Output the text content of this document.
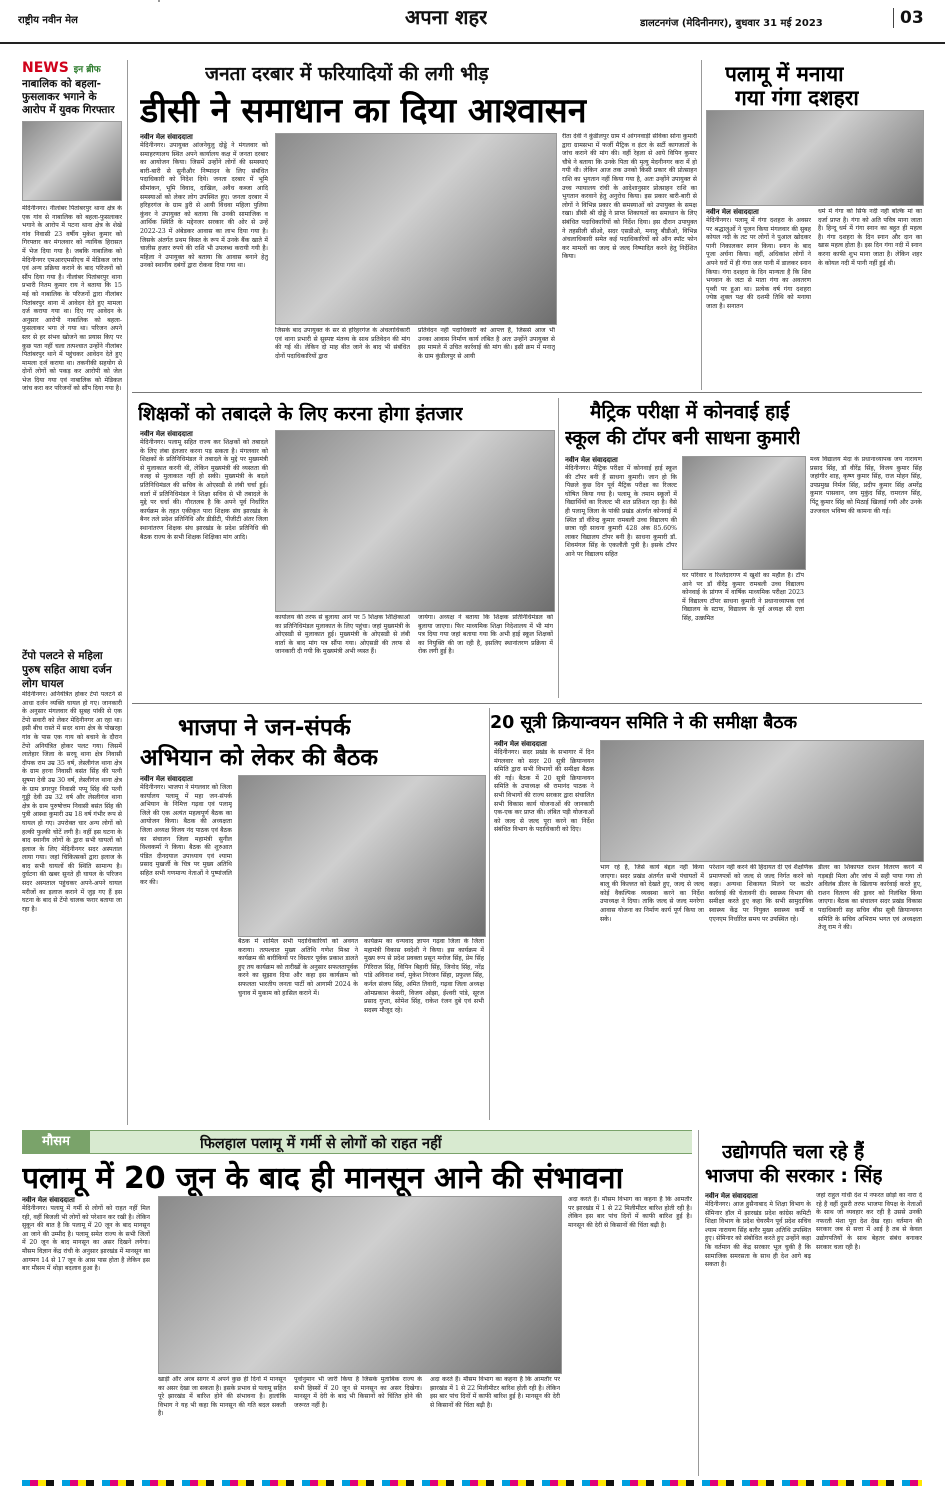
राष्ट्रीय नवीन मेल	अपना शहर	डालटनगंज (मेदिनीनगर), बुधवार 31 मई 2023	03
NEWS इन ब्रीफ
नाबालिक को बहला-फुसलाकर भगाने के आरोप में युवक गिरफ्तार
मेदिनीनगर। नीलांबर पितांबरपुर थाना क्षेत्र के एक गांव से नाबालिक को बहला-फुसलाकर भगाने के आरोप में पटना थाना क्षेत्र के शेखे गांव निवासी 23 वर्षीय मुकेश कुमार को गिरफ्तार कर मंगलवार को न्यायिक हिरासत में भेज दिया गया है। जबकि नाबालिक को मेदिनीनगर एमआरएमसीएच में मेडिकल जांच एवं अन्य प्रक्रिया कराने के बाद परिजनों को सौंप दिया गया है। नीलांबर पितांबरपुर थाना प्रभारी नितम कुमार राय ने बताया कि 15 मई को नाबालिक के परिजनों द्वारा नीलांबर पितांबरपुर थाना में आवेदन देते हुए मामला दर्ज कराया गया था। दिए गए आवेदन के अनुसार आरोपी नाबालिक को बहला-फुसलाकर भगा ले गया था। परिजन अपने स्तर से हर संभव खोजने का प्रयास किए पर कुछ पता नहीं चला तत्पश्चात उन्होंने नीलांबर पितांबरपुर थाने में पहुंचकर आवेदन देते हुए मामला दर्ज कराया था। तकनीकी सहयोग से दोनों लोगों को पकड़ कर आरोपी को जेल भेज दिया गया एवं नाबालिक को मेडिकल जांच करा कर परिजनों को सौंप दिया गया है।
टेंपो पलटने से महिला पुरुष सहित आधा दर्जन लोग घायल
मेदिनीनगर। अनियंत्रित होकर टेंपो पलटने से आधा दर्जन व्यक्ति घायल हो गए। जानकारी के अनुसार मंगलवार की सुबह पांकी से एक टेंपो सवारी को लेकर मेदिनीनगर आ रहा था। इसी बीच रास्ते में सदर थाना क्षेत्र के पोखरहा गांव के पास एक गाय को बचाने के दौरान टेंपो अनियंत्रित होकर पलट गया। जिसमें लातेहार जिला के सरयू थाना क्षेत्र निवासी दीपक राम उम्र 35 वर्ष, लेस्लीगंज थाना क्षेत्र के ग्राम हरना निवासी बसंत सिंह की पत्नी सुषमा देवी उम्र 30 वर्ष, लेस्लीगंज थाना क्षेत्र के ग्राम डगरपुर निवासी पप्पू सिंह की पत्नी गुड्डी देवी उम्र 32 वर्ष और लेस्लीगंज थाना क्षेत्र के ग्राम पुरुषोत्तम निवासी बसंत सिंह की पुत्री आस्था कुमारी उम्र 18 वर्ष गंभीर रूप से घायल हो गए। उपरोक्त चार अन्य लोगों को हल्की फुल्की चोटें लगी है। वहीं इस घटना के बाद स्थानीय लोगों के द्वारा सभी घायलों को इलाज के लिए मेदिनीनगर सदर अस्पताल लाया गया। जहां चिकित्सकों द्वारा इलाज के बाद सभी घायलों की स्थिति सामान्य है। दुर्घटना की खबर सुनते ही घायल के परिजन सदर अस्पताल पहुंचकर अपने-अपने घायल मरीजों का इलाज कराने में जुड़ गए हैं इस घटना के बाद से टेंपो चालक फरार बताया जा रहा है।
जनता दरबार में फरियादियों की लगी भीड़
डीसी ने समाधान का दिया आश्वासन
नवीन मेल संवाददाता
मेदिनीनगर। उपायुक्त आंजनेयुलु दोड्डे ने मंगलवार को समाहरणालय स्थित अपने कार्यालय कक्ष में जनता दरबार का आयोजन किया। जिसमें उन्होंने लोगों की समस्याएं बारी-बारी से सुनीऔर निष्पादन के लिए संबंधित पदाधिकारी को निदेश दिये। जनता दरबार में भूमि सीमांकन, भूमि विवाद, दाखिल, अवैध कब्जा आदि समस्याओं को लेकर लोग उपस्थित हुए। जनता दरबार में हरिहरगंज के ग्राम डुरी से आयी विधवा महिला पुलिया कुंवर ने उपायुक्त को बताया कि उनकी सामाजिक व आर्थिक स्थिति के मद्देनजर सरकार की ओर से उन्हें 2022-23 में अंबेडकर आवास का लाभ दिया गया है। जिसके अंतर्गत प्रथम किस्त के रूप में उनके बैंक खाते में चालीस हजार रुपये की राशि भी उपलब्ध करायी गयी है। महिला ने उपायुक्त को बताया कि आवास बनाने हेतु उनको स्थानीय दबंगों द्वारा रोकवा दिया गया था।
जिसके बाद उपायुक्त के सर से हरिहरगंज के अंचलाधिकारी एवं थाना प्रभारी से सुस्पष्ट मंतव्य के साथ प्रतिवेदन की मांग की गई थी। लेकिन दो माह बीत जाने के बाद भी संबंधित दोनों पदाधिकारियों द्वारा
प्रतिवेदन नहीं पदाधिकारी को आपत्त हैं, जिससे आज भी उनका आवास निर्माण कार्य लंबित है अतः उन्होंने उपायुक्त से इस मामले में उचित कार्रवाई की मांग की। इसी क्रम में मनातू के ग्राम कुंडीलपुर से आयी
रीता देवी ने कुंडीलपुर ग्राम में आंगनवाड़ी सेविका सोना कुमारी द्वारा ग्रामसभा में फर्जी मैट्रिक व इंटर के सर्टी कागजातों के जांच कराने की मांग की। वहीं रेहला से आये विपिन कुमार चौबे ने बताया कि उनके पिता की मृत्यु मेदनीनगर करा में हो गयी थी। लेकिन आज तक उनको किसी प्रकार की प्रोत्साहन राशि का भुगतान नहीं किया गया है, अतः उन्होंने उपायुक्त से उच्च न्यायालय रांची के आदेशानुसार प्रोत्साहन राशि का भुगतान करवाने हेतु अनुरोध किया। इस प्रकार बारी-बारी से लोगों ने विभिन्न प्रकार की समस्याओं को उपायुक्त के समक्ष रखा। डीसी श्री दोड्डे ने प्राप्त शिकायतों का समाधान के लिए संबंधित पदाधिकारियों को निर्देश दिया। इस दौरान उपायुक्त ने तहसीली सीओ, सदर एसडीओ, मनातू बीडीओ, विभिन्न अंचलाधिकारी समेत कई पदाधिकारियों को ऑन स्पॉट फोन कर मामलों का जल्द से जल्द निष्पादित करने हेतु निर्देशित किया।
पलामू में मनाया
गया गंगा दशहरा
नवीन मेल संवाददाता
मेदिनीनगर। पलामू में गंगा दशहरा के अवसर पर श्रद्धालुओं ने पूजन किया मंगलवार की सुबह कोयल नदी के तट पर लोगों ने पुआल खोदकर पानी निकालकर स्नान किया। स्नान के बाद पूजा अर्चना किया। वहीं, अधिकांश लोगों ने अपने घरों में ही गंगा जल पानी में डालकर स्नान किया। गंगा दशहरा के दिन मान्यता है कि शिव भगवान के जटा से माता गंगा का अवतरण पृथ्वी पर हुआ था। प्रत्येक वर्ष गंगा दशहरा ज्येष्ठ शुक्ल पक्ष की दशमी तिथि को मनाया जाता है। सनातन
धर्म में गंगा को सिर्फ नदी नहीं बल्कि मां का दर्जा प्राप्त है। गंगा को अति पवित्र माना जाता है। हिन्दू धर्म में गंगा स्नान का बहुत ही महत्व है। गंगा दशहरा के दिन स्नान और दान का खास महत्व होता है। इस दिन गंगा नदी में स्नान करना काफी शुभ माना जाता है। लेकिन शहर के कोयल नदी में पानी नहीं हुई थी।
शिक्षकों को तबादले के लिए करना होगा इंतजार
नवीन मेल संवाददाता
मेदिनीनगर। पलामू सहित राज्य कर शिक्षकों को तबादले के लिए लंबा इंतजार करना पड़ सकता है। मंगलवार को शिक्षकों के प्रतिनिधिमंडल ने तबादले के मुद्दे पर मुख्यमंत्री से मुलाकात करनी थी, लेकिन मुख्यमंत्री की व्यस्तता की वजह से मुलाकात नहीं हो सकी। मुख्यमंत्री के बदले प्रतिनिधिमंडल की सचिव के ओएसडी से लंबी चर्चा हुई। वार्ता में प्रतिनिधिमंडल ने शिक्षा सचिव से भी तबादले के मुद्दे पर चर्चा की। गौरतलब है कि अपने पूर्व निर्धारित कार्यक्रम के तहत एकीकृत पारा शिक्षक संघ झारखंड के बैनर तले प्रदेश प्रतिनिधि और डीडीटी, पीजीटी अंतर जिला स्थानांतरण शिक्षक संघ झारखंड के प्रदेश प्रतिनिधि की बैठक राज्य के सभी शिक्षक शिक्षिका मांग आदि।
कार्यालय की तरफ से बुलाया आने पर 5 शिक्षक शिक्षिकाओं का प्रतिनिधिमंडल मुलाकात के लिए पहुंचा। जहां मुख्यमंत्री के ओएसडी से मुलाकात हुई। मुख्यमंत्री के ओएसडी से लंबी वार्ता के बाद मांग पत्र सौंपा गया। ओएसडी की तरफ से जानकारी दी गयी कि मुख्यमंत्री अभी व्यस्त हैं।
जायेगा। अध्यक्ष ने बताया कि शिक्षक प्रतिनिधिमंडल को बुलाया जाएगा। फिर माध्यमिक शिक्षा निदेशालय में भी मांग पत्र दिया गया जहां बताया गया कि अभी हाई स्कूल शिक्षकों का नियुक्ति की जा रही है, इसलिए स्थानांतरण प्रक्रिया में रोक लगी हुई है।
मैट्रिक परीक्षा में कोनवाई हाई
स्कूल की टॉपर बनी साधना कुमारी
नवीन मेल संवाददाता
मेदिनीनगर। मैट्रिक परीक्षा में कोनवाई हाई स्कूल की टॉपर बनी हैं साधना कुमारी। जान हो कि पिछले कुछ दिन पूर्व मैट्रिक परीक्षा का रिजल्ट घोषित किया गया है। पलामू के तमाम स्कूलों में विद्यार्थियों का रिजल्ट भी शत प्रतिशत रहा है। वैसे ही पलामू जिला के पांकी प्रखंड अंतर्गत कोनवाई में स्थित डॉ वीरेन्द्र कुमार रामबली उच्च विद्यालय की छात्रा रही साधना कुमारी 428 अंक 85.60% लाकर विद्यालय टॉपर बनी है। साधना कुमारी डॉ. शिवमंगल सिंह के एकलौती पुत्री है। इसके टॉपर आने पर विद्यालय सहित
घर परिवार व रिश्तेदारगण में खुशी का महौल है। टॉप आने पर डॉ वीरेंद्र कुमार रामबली उच्च विद्यालय कोनवाई के प्रांगण में वार्षिक माध्यमिक परीक्षा 2023 में विद्यालय टॉपर साधना कुमारी ने प्रधानाध्यापक एवं विद्यालय के स्टाफ, विद्यालय के पूर्व अध्यक्ष सी दत्ता सिंह, उत्क्रमित
मध्य विद्यालय मेदा के प्रधानाध्यापक जय नारायण प्रसाद सिंह, डॉ वीरेंद्र सिंह, विजय कुमार सिंह जहांगीर शाह, कृष्ण कुमार सिंह, राज मोहन सिंह, उपप्रमुख निर्मल सिंह, प्रदीप कुमार सिंह अमरेंद्र कुमार पासवान, जय मुकुंद सिंह, रामरतन सिंह, पिंटू कुमार सिंह को मिठाई खिलाई गयी और उनके उज्जवल भविष्य की कामना की गई।
भाजपा ने जन-संपर्क
अभियान को लेकर की बैठक
नवीन मेल संवाददाता
मेदिनीनगर। भाजपा ने मंगलवार को जिला कार्यालय पलामू में महा जन-संपर्क अभियान के निमित्त गढ़वा एवं पलामू जिले की एक अत्यंत महत्वपूर्ण बैठक का आयोजन किया। बैठक की अध्यक्षता जिला अध्यक्ष विजय नंद पाठक एवं बैठक का संचालन जिला महामंत्री सुनील विश्वकर्मा ने किया। बैठक की शुरुआत पंडित दीनदयाल उपाध्याय एवं श्यामा प्रसाद मुखर्जी के चित्र पर मुख्य अतिथि सहित सभी गणमान्य नेताओं ने पुष्पांजलि कर की।
बैठक में शामिल सभी पदाधिकारियों को अवगत कराया। तत्पश्चात मुख्य अतिथि गणेश मिश्रा ने कार्यक्रम की बारीकियों पर विस्तार पूर्वक प्रकाश डालते हुए तय कार्यक्रम को तारीखों के अनुसार सफलतापूर्वक करने का सुझाव दिया और कहा इस कार्यक्रम को सफलता भारतीय जनता पार्टी को आगामी 2024 के चुनाव में मुकाम को हासिल कराने में।
कार्यक्रम का धन्यवाद ज्ञापन गढ़वा जिला के जिला महामंत्री विकास स्वदेशी ने किया। इस कार्यक्रम में मुख्य रूप से प्रदेश प्रवक्ता प्रसून मनोज सिंह, प्रेम सिंह गिरिराज सिंह, विपिन बिहारी सिंह, जिनोद सिंह, नरेंद्र पांडे अविनाश वर्मा, मुकेश निरंजन सिंहा, प्रफुल्ल सिंह, कर्नल संजय सिंह, अमित तिवारी, गढ़वा जिला अध्यक्ष ओमप्रकाश केसरी, विजय ओझा, ईश्वरी पांडे, सूरज प्रसाद गुप्ता, सोमेश सिंह, राकेश रंजन दुबे एवं सभी सदस्य मौजूद रहे।
20 सूत्री क्रियान्वयन समिति ने की समीक्षा बैठक
नवीन मेल संवाददाता
मेदिनीनगर। सदर प्रखंड के सभागार में दिन मंगलवार को सदर 20 सूत्री क्रियान्वयन समिति द्वारा सभी विभागों की समीक्षा बैठक की गई। बैठक में 20 सूत्री क्रियान्वयन समिति के उपाध्यक्ष श्री रामानंद पाठक ने सभी विभागों की राज्य सरकार द्वारा संचालित सभी विकास कार्य योजनाओं की जानकारी एक-एक कर प्राप्त की। लंबित पड़ी योजनाओं को जल्द से जल्द पूरा करने का निर्देश संबंधित विभाग के पदाधिकारी को दिए।
भाग रहे है, जिसे कार्य बंद्दल नहीं किया जाएगा। सदर प्रखंड अंतर्गत सभी पंचायतों में बालू की किल्लत को देखते हुए, जल्द से जल्द कोई वैकल्पिक व्यवस्था करने का निर्देश उपाध्यक्ष ने दिया। ताकि जल्द से जल्द मनरेगा आवास योजना का निर्माण कार्य पूर्ण किया जा सके।
परेशान नहीं करने की हिदायत दी एवं शैक्षणिक प्रमाणपत्रों को जल्द से जल्द निर्गत करने को कहा। अन्यथा शिकायत मिलने पर कठोर कार्रवाई की चेतावनी दी। स्वास्थ्य विभाग की समीक्षा करते हुए कहा कि सभी सामुदायिक स्वास्थ्य केंद्र पर नियुक्त स्वास्थ्य कर्मी व एएनएम निर्धारित समय पर उपस्थित रहे।
डीलर का शिकायत राशन वितरण करने में गड़बड़ी मिला और जांच में सही पाया गया तो अविलंब डीलर के खिलाफ कार्रवाई करते हुए, राशन वितरण की ड्रावर को निलंबित किया जाएगा। बैठक का संचालन सदर प्रखंड विकास पदाधिकारी सह सचिव बीस सूत्री क्रियान्वयन समिति के सचिव अभिराम भगत एवं अध्यक्षता तेजू राम ने की।
मौसम	फिलहाल पलामू में गर्मी से लोगों को राहत नहीं
पलामू में 20 जून के बाद ही मानसून आने की संभावना
नवीन मेल संवाददाता
मेदिनीनगर। पलामू में गर्मी से लोगों को राहत नहीं मिल रही, वहीं बिजली भी लोगों को परेशान कर रखी है। लेकिन सुकून की बात है कि पलामू में 20 जून के बाद मानसून आ जाने की उम्मीद है। पलामू समेत राज्य के सभी जिलों में 20 जून के बाद मानसून का असर दिखने लगेगा। मौसम विज्ञान केंद्र रांची के अनुसार झारखंड में मानसून का आगमन 14 से 17 जून के आस पास होता है लेकिन इस बार मौसम में थोड़ा बदलाव हुआ है।
खाड़ी और अरब सागर में अपने कुछ ही दिनों में मानसून का असर देखा जा सकता है। इसके प्रभाव से पलामू सहित पूरे झारखंड में बारिश होने की संभावना है। हालांकि विभाग ने यह भी कहा कि मानसून की गति बदल सकती है।
पूर्वानुमान भी जारी किया है जिसके मुताबिक राज्य के सभी हिस्सों में 20 जून से मानसून का असर दिखेगा। मानसून में देरी के बाद भी किसानों को चिंतित होने की जरूरत नहीं है।
अदा करते हैं। मौसम विभाग का कहना है कि आमतौर पर झारखंड में 1 से 22 मिलीमीटर बारिश होती रही है। लेकिन इस बार पांच दिनों में काफी बारिश हुई है। मानसून की देरी से किसानों की चिंता बढ़ी है।
अदा करते हैं। मौसम विभाग का कहना है कि आमतौर पर झारखंड में 1 से 22 मिलीमीटर बारिश होती रही है। लेकिन इस बार पांच दिनों में काफी बारिश हुई है। मानसून की देरी से किसानों की चिंता बढ़ी है।
उद्योगपति चला रहे हैं
भाजपा की सरकार : सिंह
नवीन मेल संवाददाता
मेदिनीनगर। आज हुसैनाबाद मे शिक्षा विभाग के सेमिनार हॉल में झारखंड प्रदेश कांग्रेस कमिटी शिक्षा विभाग के प्रदेश चेयरमैन पूर्व प्रदेश सचिव श्याम नारायण सिंह बतौर मुख्य अतिथि उपस्थित हुए। सेमिनार को संबोधित करते हुए उन्होंने कहा कि वर्तमान की केंद्र सरकार भूल चुकी है कि सामाजिक समरसता के साथ ही देश आगे बढ़ सकता है।
जहां राहुल गांधी देश मे नफरत छोड़ो का नारा दे रहे है वहीं दूसरी तरफ भाजपा विपक्ष के नेताओं के साथ जो व्यवहार कर रही है उससे उनकी नफरती मंशा पूरा देश देख रहा। वर्तमान की सरकार जब से सत्ता में आई है तब से केवल उद्योगपतियों के साथ बेहतर संबंध बनाकर सरकार चला रही है।
